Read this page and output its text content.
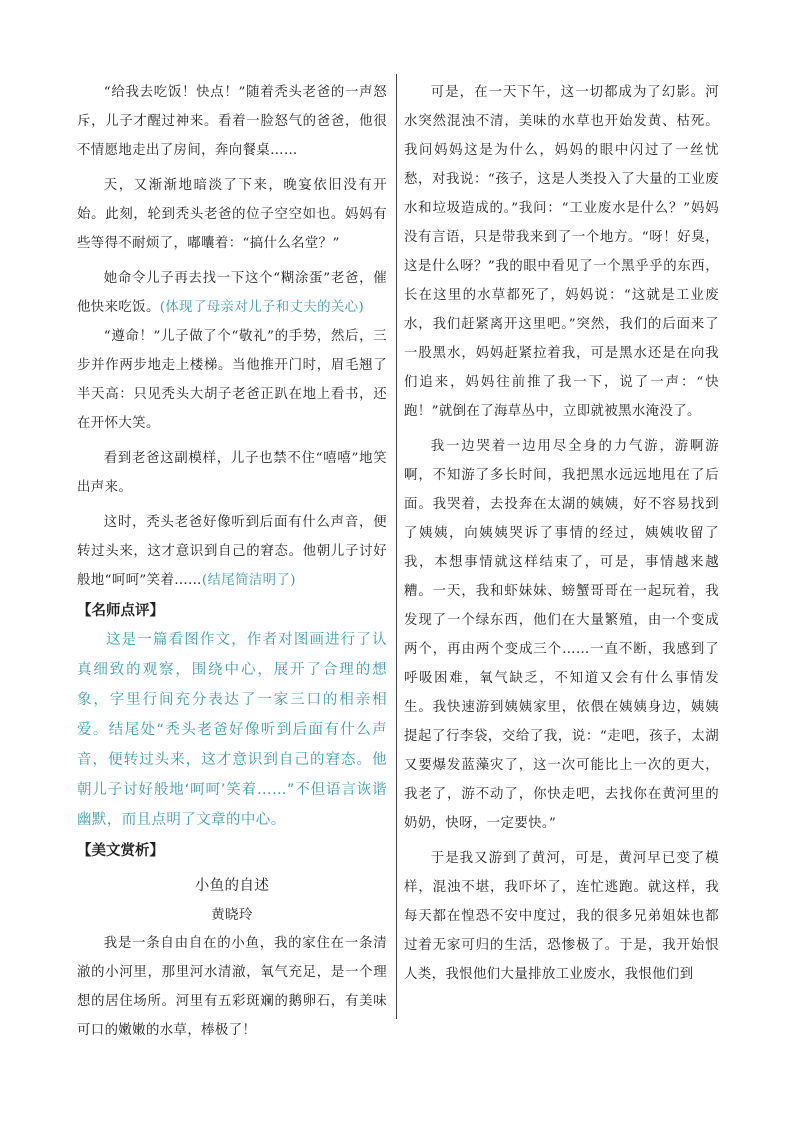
“给我去吃饭！快点！”随着秃头老爸的一声怒斥，儿子才醒过神来。看着一脸怒气的爸爸，他很不情愿地走出了房间，奔向餐桌……

天，又渐渐地暗淡了下来，晚宴依旧没有开始。此刻，轮到秃头老爸的位子空空如也。妈妈有些等得不耐烦了，嘟囔着：“搞什么名堂？”

她命令儿子再去找一下这个“糊涂蛋”老爸，催他快来吃饭。(体现了母亲对儿子和丈夫的关心)

“遵命！”儿子做了个“敬礼”的手势，然后，三步并作两步地走上楼梯。当他推开门时，眉毛翘了半天高：只见秃头大胡子老爸正趴在地上看书，还在开怀大笑。

看到老爸这副模样，儿子也禁不住“嘻嘻”地笑出声来。

这时，秃头老爸好像听到后面有什么声音，便转过头来，这才意识到自己的窘态。他朝儿子讨好般地“呵呵”笑着……(结尾简洁明了)

【名师点评】

这是一篇看图作文，作者对图画进行了认真细致的观察，围绕中心，展开了合理的想象，字里行间充分表达了一家三口的相亲相爱。结尾处“秃头老爸好像听到后面有什么声音，便转过头来，这才意识到自己的窘态。他朝儿子讨好般地‘呵呵’笑着……”不但语言诙谐幽默，而且点明了文章的中心。

【美文赏析】

小鱼的自述

黄晓玲

我是一条自由自在的小鱼，我的家住在一条清澈的小河里，那里河水清澈，氧气充足，是一个理想的居住场所。河里有五彩斑斓的鹅卵石，有美味可口的嫩嫩的水草，棒极了！

可是，在一天下午，这一切都成为了幻影。河水突然混浊不清，美味的水草也开始发黄、枯死。我问妈妈这是为什么，妈妈的眼中闪过了一丝忧愁，对我说：“孩子，这是人类投入了大量的工业废水和垃圾造成的。”我问：“工业废水是什么？”妈妈没有言语，只是带我来到了一个地方。“呀！好臭，这是什么呀？”我的眼中看见了一个黑乎乎的东西，长在这里的水草都死了，妈妈说：“这就是工业废水，我们赶紧离开这里吧。”突然，我们的后面来了一股黑水，妈妈赶紧拉着我，可是黑水还是在向我们追来，妈妈往前推了我一下，说了一声：“快跑！”就倒在了海草丛中，立即就被黑水淹没了。

我一边哭着一边用尽全身的力气游，游啊游啊，不知游了多长时间，我把黑水远远地甩在了后面。我哭着，去投奔在太湖的姨姨，好不容易找到了姨姨，向姨姨哭诉了事情的经过，姨姨收留了我，本想事情就这样结束了，可是，事情越来越糟。一天，我和虾妹妹、螃蟹哥哥在一起玩着，我发现了一个绿东西，他们在大量繁殖，由一个变成两个，再由两个变成三个……一直不断，我感到了呼吸困难，氧气缺乏，不知道又会有什么事情发生。我快速游到姨姨家里，依偎在姨姨身边，姨姨提起了行李袋，交给了我，说：“走吧，孩子，太湖又要爆发蓝藻灾了，这一次可能比上一次的更大，我老了，游不动了，你快走吧，去找你在黄河里的奶奶，快呀，一定要快。”

于是我又游到了黄河，可是，黄河早已变了模样，混浊不堪，我吓坏了，连忙逃跑。就这样，我每天都在惶恐不安中度过，我的很多兄弟姐妹也都过着无家可归的生活，恐惨极了。于是，我开始恨人类，我恨他们大量排放工业废水，我恨他们到
